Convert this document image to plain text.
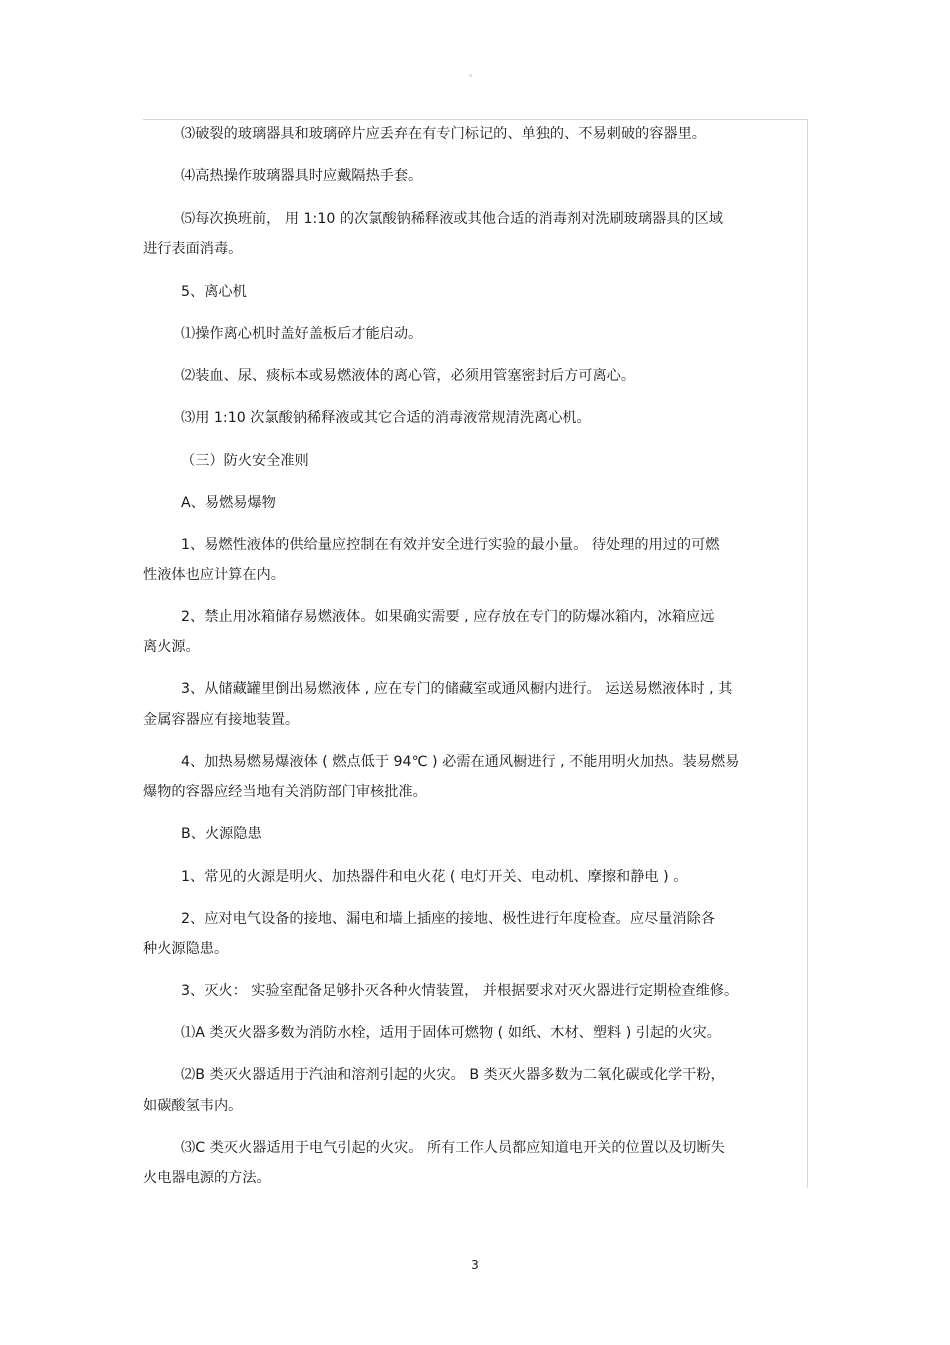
。
⑶破裂的玻璃器具和玻璃碎片应丢弃在有专门标记的、单独的、不易刺破的容器里。
⑷高热操作玻璃器具时应戴隔热手套。
⑸每次换班前， 用 1:10 的次氯酸钠稀释液或其他合适的消毒剂对洗刷玻璃器具的区域
进行表面消毒。
5、离心机
⑴操作离心机时盖好盖板后才能启动。
⑵装血、尿、痰标本或易燃液体的离心管，必须用管塞密封后方可离心。
⑶用 1:10 次氯酸钠稀释液或其它合适的消毒液常规清洗离心机。
（三）防火安全准则
A、易燃易爆物
1、易燃性液体的供给量应控制在有效并安全进行实验的最小量。 待处理的用过的可燃
性液体也应计算在内。
2、禁止用冰箱储存易燃液体。如果确实需要 , 应存放在专门的防爆冰箱内，冰箱应远
离火源。
3、从储藏罐里倒出易燃液体 , 应在专门的储藏室或通风橱内进行。 运送易燃液体时 , 其
金属容器应有接地装置。
4、加热易燃易爆液体 ( 燃点低于 94℃ ) 必需在通风橱进行 , 不能用明火加热。装易燃易
爆物的容器应经当地有关消防部门审核批准。
B、火源隐患
1、常见的火源是明火、加热器件和电火花 ( 电灯开关、电动机、摩擦和静电 ) 。
2、应对电气设备的接地、漏电和墙上插座的接地、极性进行年度检查。应尽量消除各
种火源隐患。
3、灭火： 实验室配备足够扑灭各种火情装置， 并根据要求对灭火器进行定期检查维修。
⑴A 类灭火器多数为消防水栓，适用于固体可燃物 ( 如纸、木材、塑料 ) 引起的火灾。
⑵B 类灭火器适用于汽油和溶剂引起的火灾。 B 类灭火器多数为二氧化碳或化学干粉，
如碳酸氢韦内。
⑶C 类灭火器适用于电气引起的火灾。 所有工作人员都应知道电开关的位置以及切断失
火电器电源的方法。
3
